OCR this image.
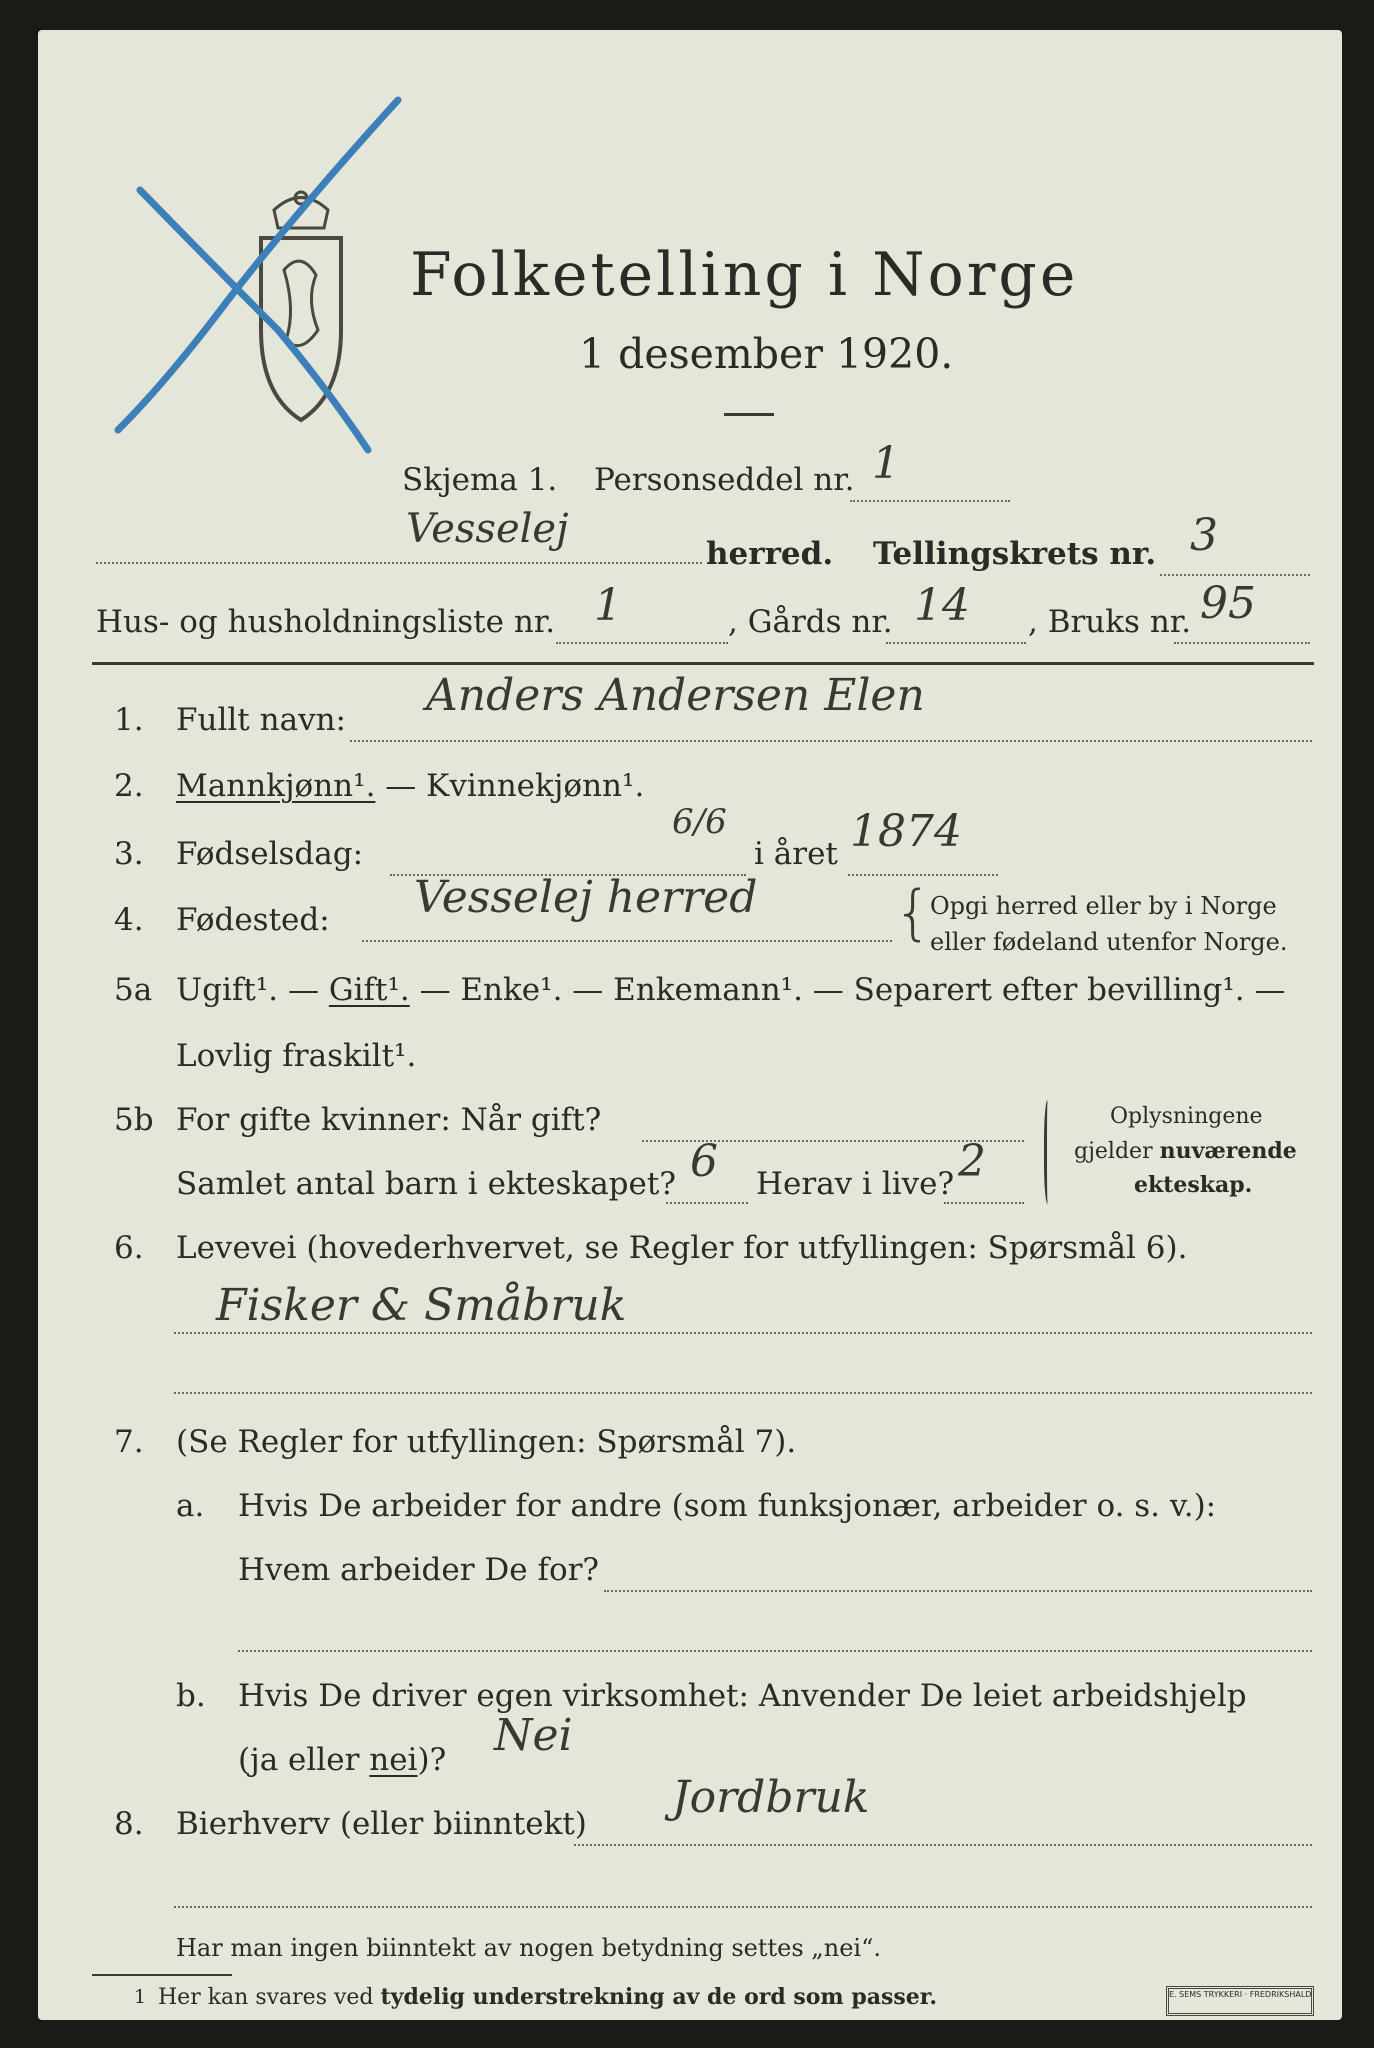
Folketelling i Norge
1 desember 1920.
Skjema 1. Personseddel nr. 1
Vesselej
herred. Tellingskrets nr. 3
Hus- og husholdningsliste nr. 1	, Gårds nr. 14 , Bruks nr. 95
1. Fullt navn: Anders Andersen Elen
2. Mannkjønn¹. — Kvinnekjønn¹.
3. Fødselsdag:
6/6
i året 1874
4. Fødested: Vesselej herred {
Opgi herred eller by i Norge
eller fødeland utenfor Norge.
5a Ugift¹. — Gift¹. — Enke¹. — Enkemann¹. — Separert efter bevilling¹. —
Lovlig fraskilt¹.
5b For gifte kvinner: Når gift?
Samlet antal barn i ekteskapet? 6 Herav i live? 2
Oplysningene
gjelder nuværende
ekteskap.
6. Levevei (hovederhvervet, se Regler for utfyllingen: Spørsmål 6).
Fisker & Småbruk
7. (Se Regler for utfyllingen: Spørsmål 7).
a. Hvis De arbeider for andre (som funksjonær, arbeider o. s. v.):
Hvem arbeider De for?
b. Hvis De driver egen virksomhet: Anvender De leiet arbeidshjelp
(ja eller nei)? Nei
8. Bierhverv (eller biinntekt)
Jordbruk
Har man ingen biinntekt av nogen betydning settes „nei“.
1 Her kan svares ved tydelig understrekning av de ord som passer.	E. SEMS TRYKKERI · FREDRIKSHALD
